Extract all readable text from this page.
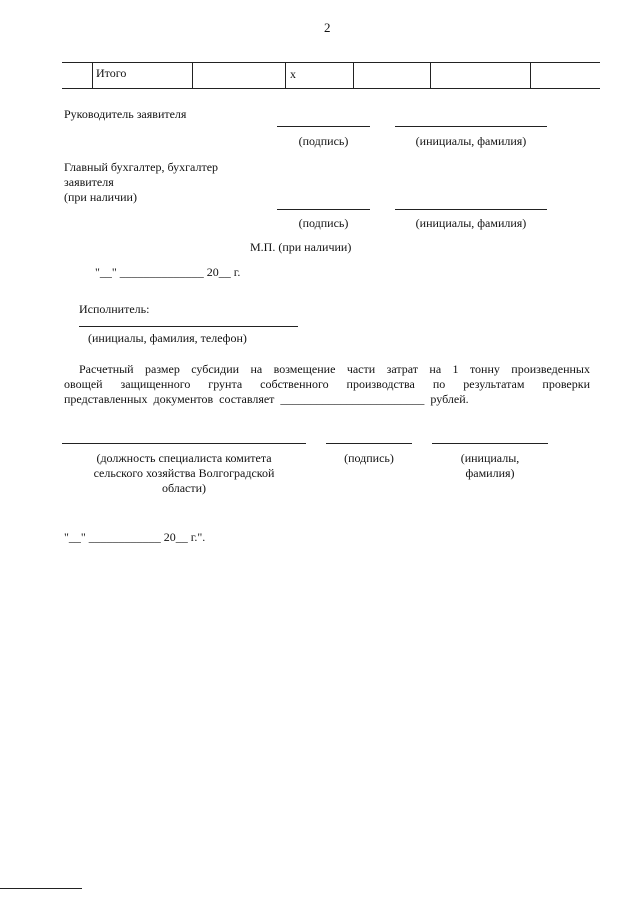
2
Итого	х
Руководитель заявителя
(подпись)	(инициалы, фамилия)
Главный бухгалтер, бухгалтер
заявителя
(при наличии)
(подпись)	(инициалы, фамилия)
М.П. (при наличии)
"__" ______________ 20__ г.
Исполнитель:
(инициалы, фамилия, телефон)
Расчетный размер субсидии на возмещение части затрат на 1 тонну произведенных
овощей защищенного грунта собственного производства по результатам проверки
представленных документов составляет ________________________ рублей.
(должность специалиста комитета
сельского хозяйства Волгоградской
области)
(подпись)	(инициалы,
фамилия)
"__" ____________ 20__ г.".
